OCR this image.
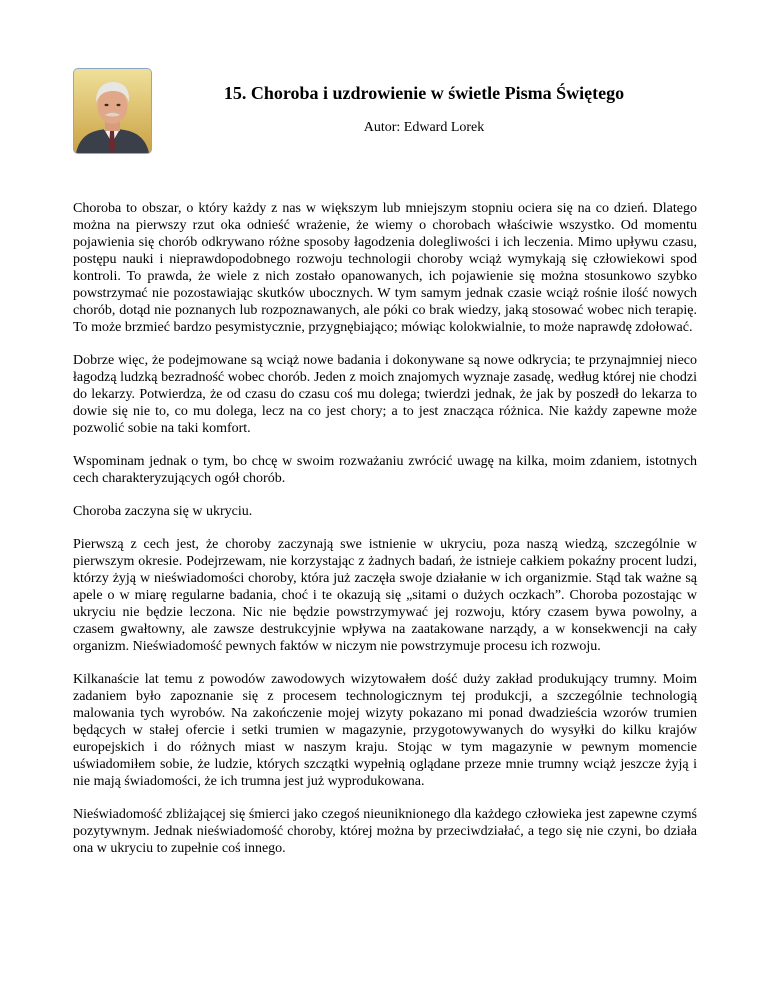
15. Choroba i uzdrowienie w świetle Pisma Świętego

Autor: Edward Lorek

Choroba to obszar, o który każdy z nas w większym lub mniejszym stopniu ociera się na co dzień. Dlatego można na pierwszy rzut oka odnieść wrażenie, że wiemy o chorobach właściwie wszystko. Od momentu pojawienia się chorób odkrywano różne sposoby łagodzenia dolegliwości i ich leczenia. Mimo upływu czasu, postępu nauki i nieprawdopodobnego rozwoju technologii choroby wciąż wymykają się człowiekowi spod kontroli. To prawda, że wiele z nich zostało opanowanych, ich pojawienie się można stosunkowo szybko powstrzymać nie pozostawiając skutków ubocznych. W tym samym jednak czasie wciąż rośnie ilość nowych chorób, dotąd nie poznanych lub rozpoznawanych, ale póki co brak wiedzy, jaką stosować wobec nich terapię. To może brzmieć bardzo pesymistycznie, przygnębiająco; mówiąc kolokwialnie, to może naprawdę zdołować.

Dobrze więc, że podejmowane są wciąż nowe badania i dokonywane są nowe odkrycia; te przynajmniej nieco łagodzą ludzką bezradność wobec chorób. Jeden z moich znajomych wyznaje zasadę, według której nie chodzi do lekarzy. Potwierdza, że od czasu do czasu coś mu dolega; twierdzi jednak, że jak by poszedł do lekarza to dowie się nie to, co mu dolega, lecz na co jest chory; a to jest znacząca różnica. Nie każdy zapewne może pozwolić sobie na taki komfort.

Wspominam jednak o tym, bo chcę w swoim rozważaniu zwrócić uwagę na kilka, moim zdaniem, istotnych cech charakteryzujących ogół chorób.

Choroba zaczyna się w ukryciu.

Pierwszą z cech jest, że choroby zaczynają swe istnienie w ukryciu, poza naszą wiedzą, szczególnie w pierwszym okresie. Podejrzewam, nie korzystając z żadnych badań, że istnieje całkiem pokaźny procent ludzi, którzy żyją w nieświadomości choroby, która już zaczęła swoje działanie w ich organizmie. Stąd tak ważne są apele o w miarę regularne badania, choć i te okazują się „sitami o dużych oczkach”. Choroba pozostając w ukryciu nie będzie leczona. Nic nie będzie powstrzymywać jej rozwoju, który czasem bywa powolny, a czasem gwałtowny, ale zawsze destrukcyjnie wpływa na zaatakowane narządy, a w konsekwencji na cały organizm. Nieświadomość pewnych faktów w niczym nie powstrzymuje procesu ich rozwoju.

Kilkanaście lat temu z powodów zawodowych wizytowałem dość duży zakład produkujący trumny. Moim zadaniem było zapoznanie się z procesem technologicznym tej produkcji, a szczególnie technologią malowania tych wyrobów. Na zakończenie mojej wizyty pokazano mi ponad dwadzieścia wzorów trumien będących w stałej ofercie i setki trumien w magazynie, przygotowywanych do wysyłki do kilku krajów europejskich i do różnych miast w naszym kraju. Stojąc w tym magazynie w pewnym momencie uświadomiłem sobie, że ludzie, których szczątki wypełnią oglądane przeze mnie trumny wciąż jeszcze żyją i nie mają świadomości, że ich trumna jest już wyprodukowana.

Nieświadomość zbliżającej się śmierci jako czegoś nieuniknionego dla każdego człowieka jest zapewne czymś pozytywnym. Jednak nieświadomość choroby, której można by przeciwdziałać, a tego się nie czyni, bo działa ona w ukryciu to zupełnie coś innego.
